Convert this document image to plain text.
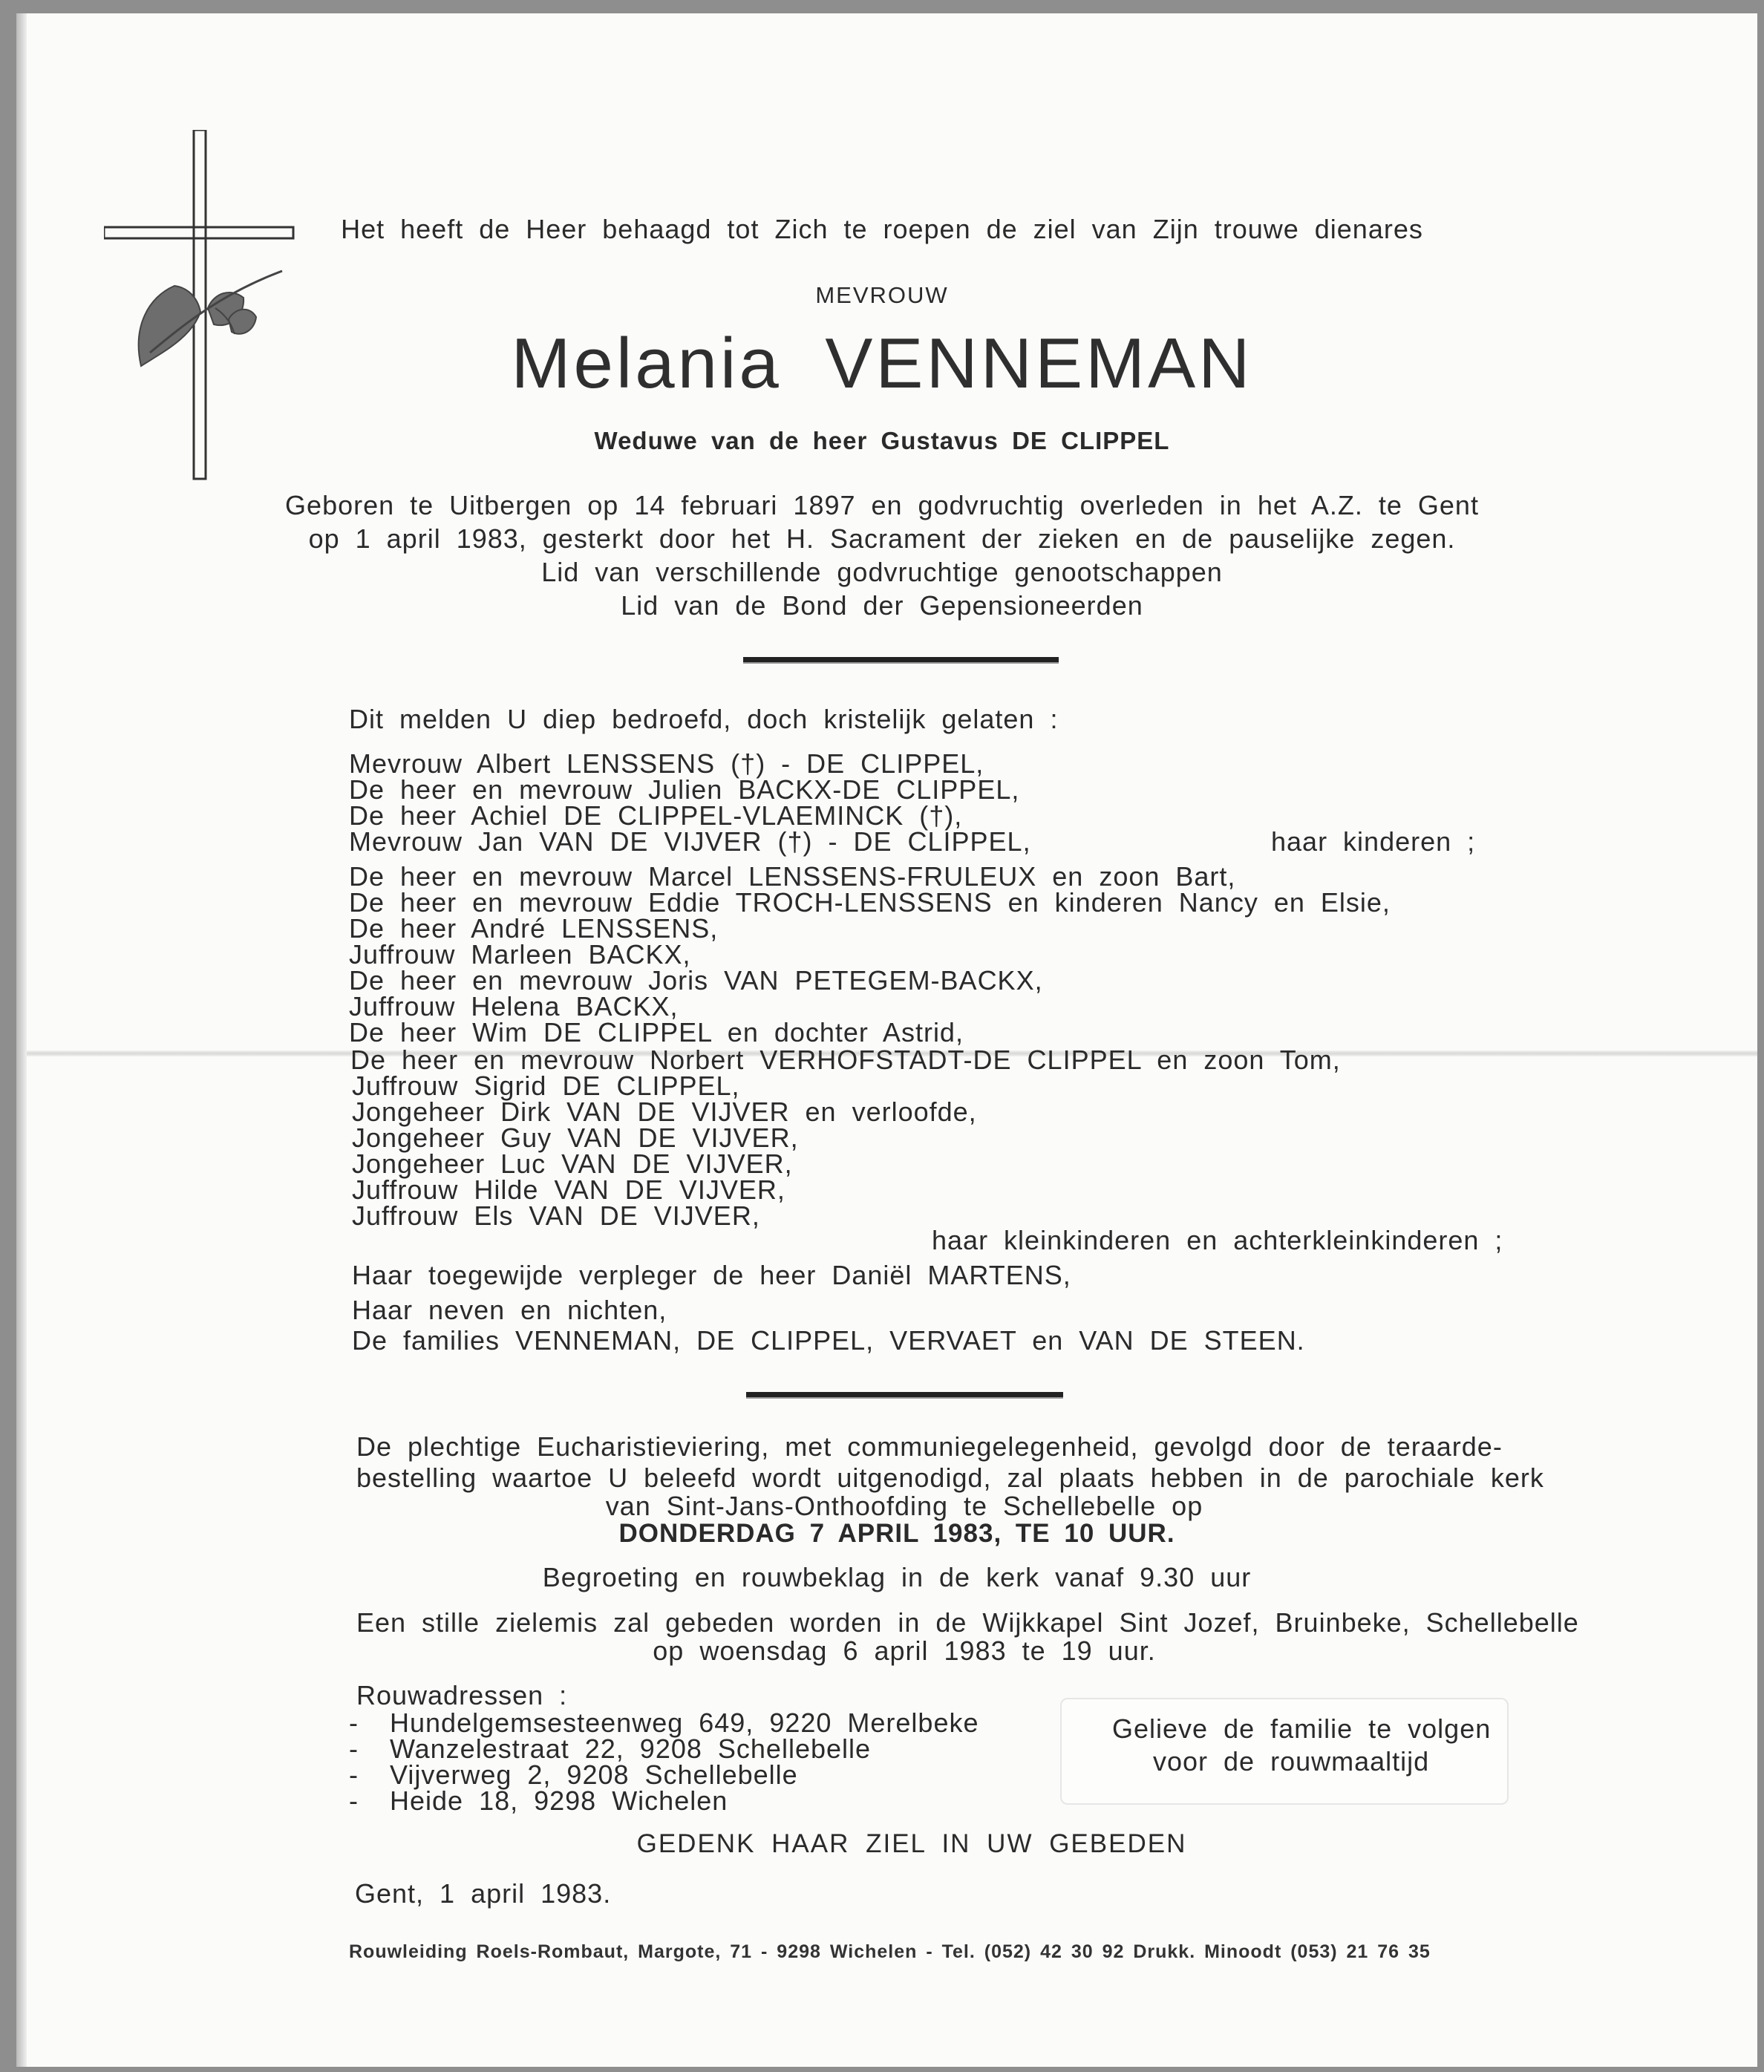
Het heeft de Heer behaagd tot Zich te roepen de ziel van Zijn trouwe dienares
MEVROUW
Melania VENNEMAN
Weduwe van de heer Gustavus DE CLIPPEL
Geboren te Uitbergen op 14 februari 1897 en godvruchtig overleden in het A.Z. te Gent
op 1 april 1983, gesterkt door het H. Sacrament der zieken en de pauselijke zegen.
Lid van verschillende godvruchtige genootschappen
Lid van de Bond der Gepensioneerden
Dit melden U diep bedroefd, doch kristelijk gelaten :
Mevrouw Albert LENSSENS (†) - DE CLIPPEL,
De heer en mevrouw Julien BACKX-DE CLIPPEL,
De heer Achiel DE CLIPPEL-VLAEMINCK (†),
Mevrouw Jan VAN DE VIJVER (†) - DE CLIPPEL,	haar kinderen ;
De heer en mevrouw Marcel LENSSENS-FRULEUX en zoon Bart,
De heer en mevrouw Eddie TROCH-LENSSENS en kinderen Nancy en Elsie,
De heer André LENSSENS,
Juffrouw Marleen BACKX,
De heer en mevrouw Joris VAN PETEGEM-BACKX,
Juffrouw Helena BACKX,
De heer Wim DE CLIPPEL en dochter Astrid,
De heer en mevrouw Norbert VERHOFSTADT-DE CLIPPEL en zoon Tom,
Juffrouw Sigrid DE CLIPPEL,
Jongeheer Dirk VAN DE VIJVER en verloofde,
Jongeheer Guy VAN DE VIJVER,
Jongeheer Luc VAN DE VIJVER,
Juffrouw Hilde VAN DE VIJVER,
Juffrouw Els VAN DE VIJVER,
haar kleinkinderen en achterkleinkinderen ;
Haar toegewijde verpleger de heer Daniël MARTENS,
Haar neven en nichten,
De families VENNEMAN, DE CLIPPEL, VERVAET en VAN DE STEEN.
De plechtige Eucharistieviering, met communiegelegenheid, gevolgd door de teraarde-
bestelling waartoe U beleefd wordt uitgenodigd, zal plaats hebben in de parochiale kerk
van Sint-Jans-Onthoofding te Schellebelle op
DONDERDAG 7 APRIL 1983, TE 10 UUR.
Begroeting en rouwbeklag in de kerk vanaf 9.30 uur
Een stille zielemis zal gebeden worden in de Wijkkapel Sint Jozef, Bruinbeke, Schellebelle
op woensdag 6 april 1983 te 19 uur.
Rouwadressen :
- Hundelgemsesteenweg 649, 9220 Merelbeke
- Wanzelestraat 22, 9208 Schellebelle
- Vijverweg 2, 9208 Schellebelle
- Heide 18, 9298 Wichelen
Gelieve de familie te volgen
voor de rouwmaaltijd
GEDENK HAAR ZIEL IN UW GEBEDEN
Gent, 1 april 1983.
Rouwleiding Roels-Rombaut, Margote, 71 - 9298 Wichelen - Tel. (052) 42 30 92 Drukk. Minoodt (053) 21 76 35
